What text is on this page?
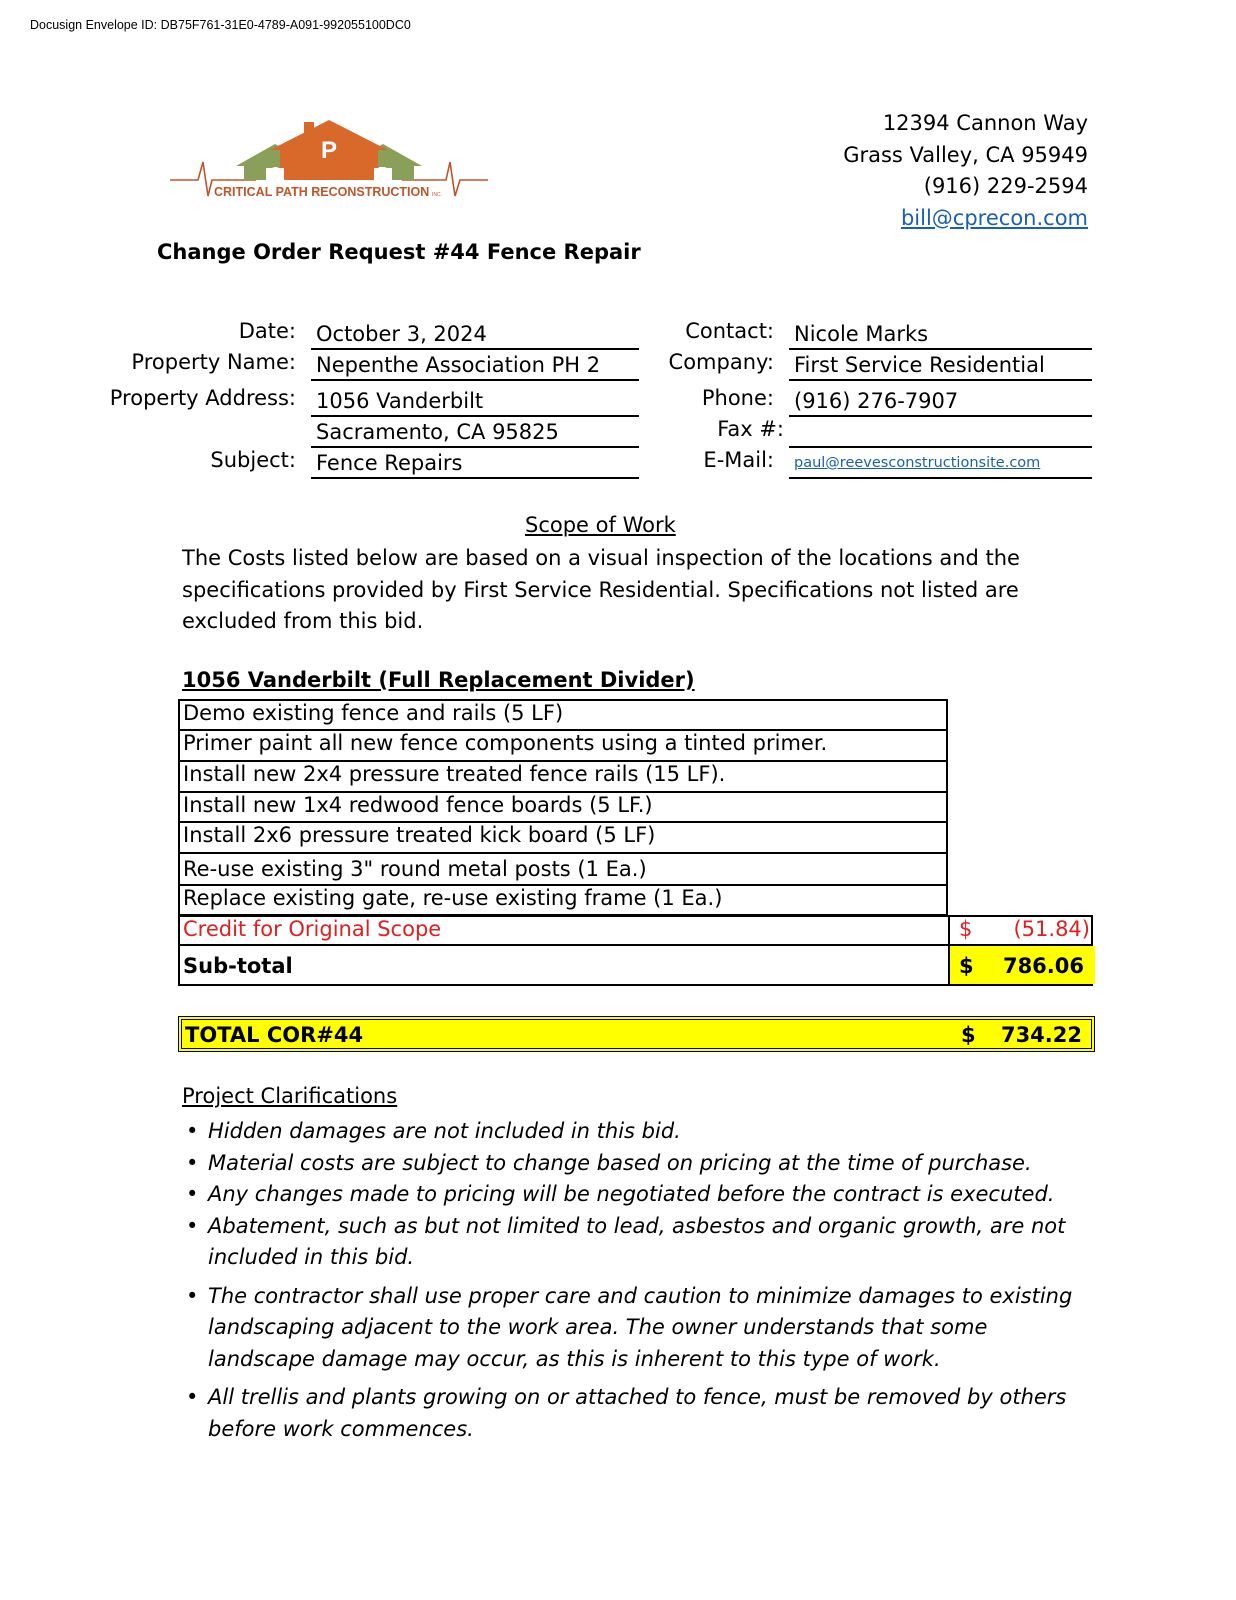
Docusign Envelope ID: DB75F761-31E0-4789-A091-992055100DC0
P
C	R
CRITICAL PATH RECONSTRUCTION INC.
12394 Cannon Way
Grass Valley, CA 95949
(916) 229-2594
bill@cprecon.com
Change Order Request #44 Fence Repair
Date: October 3, 2024
Property Name: Nepenthe Association PH 2
Property Address: 1056 Vanderbilt
Sacramento, CA 95825
Subject: Fence Repairs
Contact: Nicole Marks
Company: First Service Residential
Phone: (916) 276-7907
Fax #:
E-Mail:	paul@reevesconstructionsite.com
Scope of Work
The Costs listed below are based on a visual inspection of the locations and the specifications provided by First Service Residential. Specifications not listed are excluded from this bid.
1056 Vanderbilt (Full Replacement Divider)
Demo existing fence and rails (5 LF)
Primer paint all new fence components using a tinted primer.
Install new 2x4 pressure treated fence rails (15 LF).
Install new 1x4 redwood fence boards (5 LF.)
Install 2x6 pressure treated kick board (5 LF)
Re-use existing 3" round metal posts (1 Ea.)
Replace existing gate, re-use existing frame (1 Ea.)
Credit for Original Scope	$ (51.84)
Sub-total	$ 786.06
TOTAL COR#44	$ 734.22
Project Clarifications
• Hidden damages are not included in this bid.
• Material costs are subject to change based on pricing at the time of purchase.
• Any changes made to pricing will be negotiated before the contract is executed.
• Abatement, such as but not limited to lead, asbestos and organic growth, are not included in this bid.
• The contractor shall use proper care and caution to minimize damages to existing landscaping adjacent to the work area. The owner understands that some landscape damage may occur, as this is inherent to this type of work.
• All trellis and plants growing on or attached to fence, must be removed by others before work commences.
